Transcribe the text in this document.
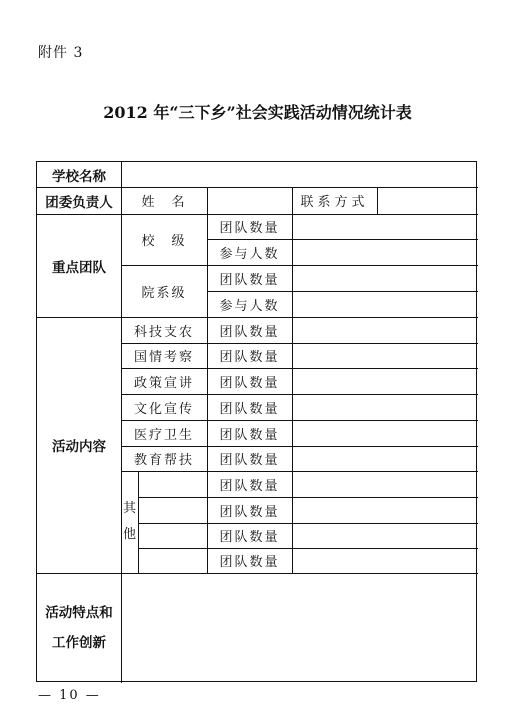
附件 3
2012 年“三下乡”社会实践活动情况统计表
学校名称
团委负责人	姓　名	联系方式
重点团队
校　级
院系级
团队数量
参与人数
团队数量
参与人数
活动内容
科技支农
国情考察
政策宣讲
文化宣传
医疗卫生
教育帮扶
其
他
团队数量
团队数量
团队数量
团队数量
团队数量
团队数量
团队数量
团队数量
团队数量
团队数量
活动特点和
工作创新
— 10 —
